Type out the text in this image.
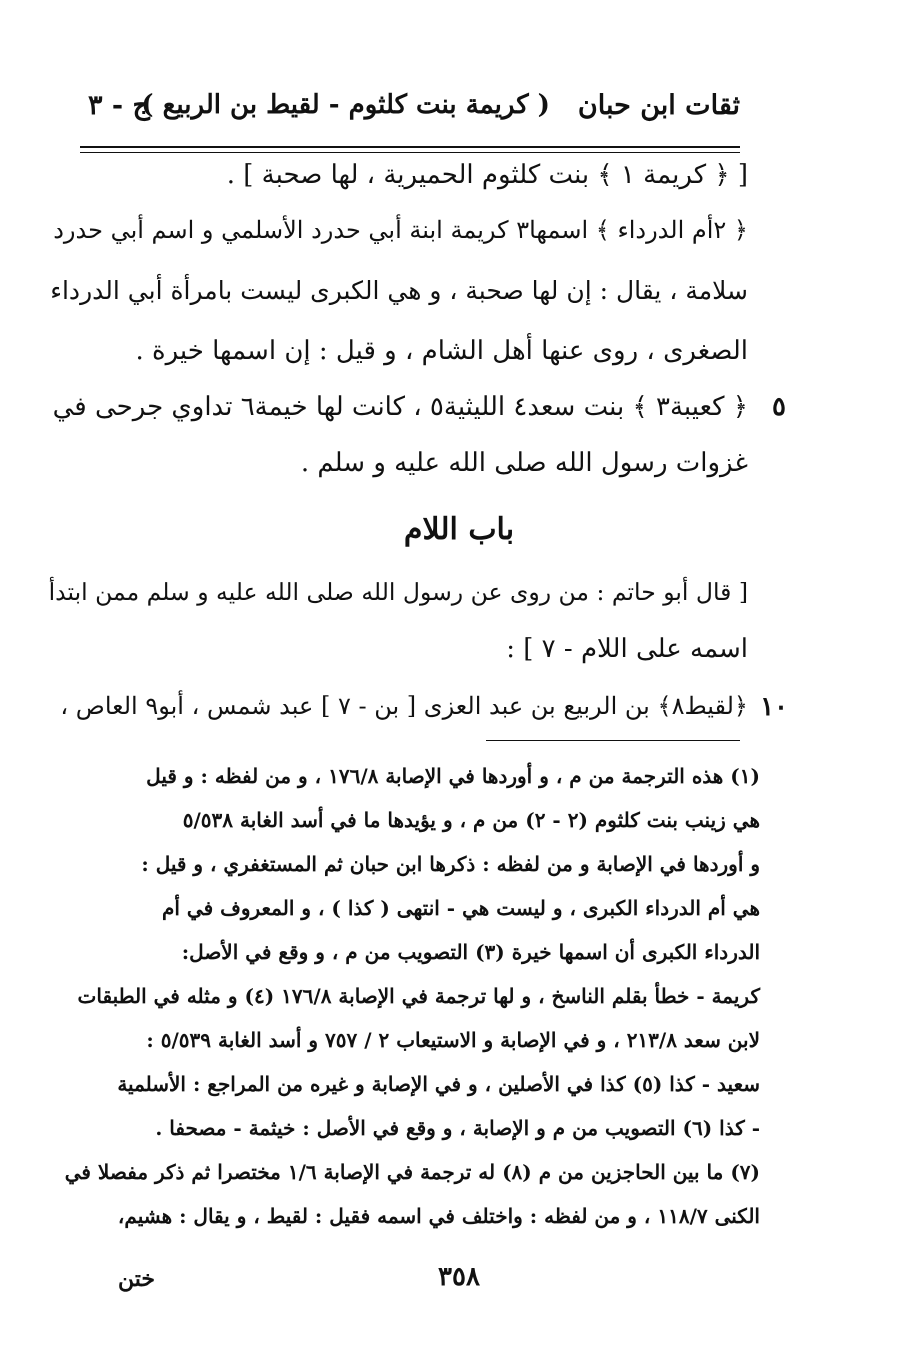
ثقات ابن حبان
( كريمة بنت كلثوم - لقيط بن الربيع )
ج - ٣
[ ﴿ كريمة ١ ﴾ بنت كلثوم الحميرية ، لها صحبة ] .
﴿ ٢أم الدرداء ﴾ اسمها٣ كريمة ابنة أبي حدرد الأسلمي و اسم أبي حدرد
سلامة ، يقال : إن لها صحبة ، و هي الكبرى ليست بامرأة أبي الدرداء
الصغرى ، روى عنها أهل الشام ، و قيل : إن اسمها خيرة .
٥
﴿ كعيبة٣ ﴾ بنت سعد٤ الليثية٥ ، كانت لها خيمة٦ تداوي جرحى في
غزوات رسول الله صلى الله عليه و سلم .
باب اللام
[ قال أبو حاتم : من روى عن رسول الله صلى الله عليه و سلم ممن ابتدأ
اسمه على اللام - ٧ ] :
١٠
﴿لقيط٨﴾ بن الربيع بن عبد العزى [ بن - ٧ ] عبد شمس ، أبو٩ العاص ،
(١) هذه الترجمة من م ، و أوردها في الإصابة ١٧٦/٨ ، و من لفظه : و قيل
هي زينب بنت كلثوم (٢ - ٢) من م ، و يؤيدها ما في أسد الغابة ٥/٥٣٨
و أوردها في الإصابة و من لفظه : ذكرها ابن حبان ثم المستغفري ، و قيل :
هي أم الدرداء الكبرى ، و ليست هي - انتهى ( كذا ) ، و المعروف في أم
الدرداء الكبرى أن اسمها خيرة (٣) التصويب من م ، و وقع في الأصل:
كريمة - خطأ بقلم الناسخ ، و لها ترجمة في الإصابة ١٧٦/٨ (٤) و مثله في الطبقات
لابن سعد ٢١٣/٨ ، و في الإصابة و الاستيعاب ٢ / ٧٥٧ و أسد الغابة ٥/٥٣٩ :
سعيد - كذا (٥) كذا في الأصلين ، و في الإصابة و غيره من المراجع : الأسلمية
- كذا (٦) التصويب من م و الإصابة ، و وقع في الأصل : خيثمة - مصحفا .
(٧) ما بين الحاجزين من م (٨) له ترجمة في الإصابة ١/٦ مختصرا ثم ذكر مفصلا في
الكنى ١١٨/٧ ، و من لفظه : واختلف في اسمه فقيل : لقيط ، و يقال : هشيم،
٣٥٨
ختن
